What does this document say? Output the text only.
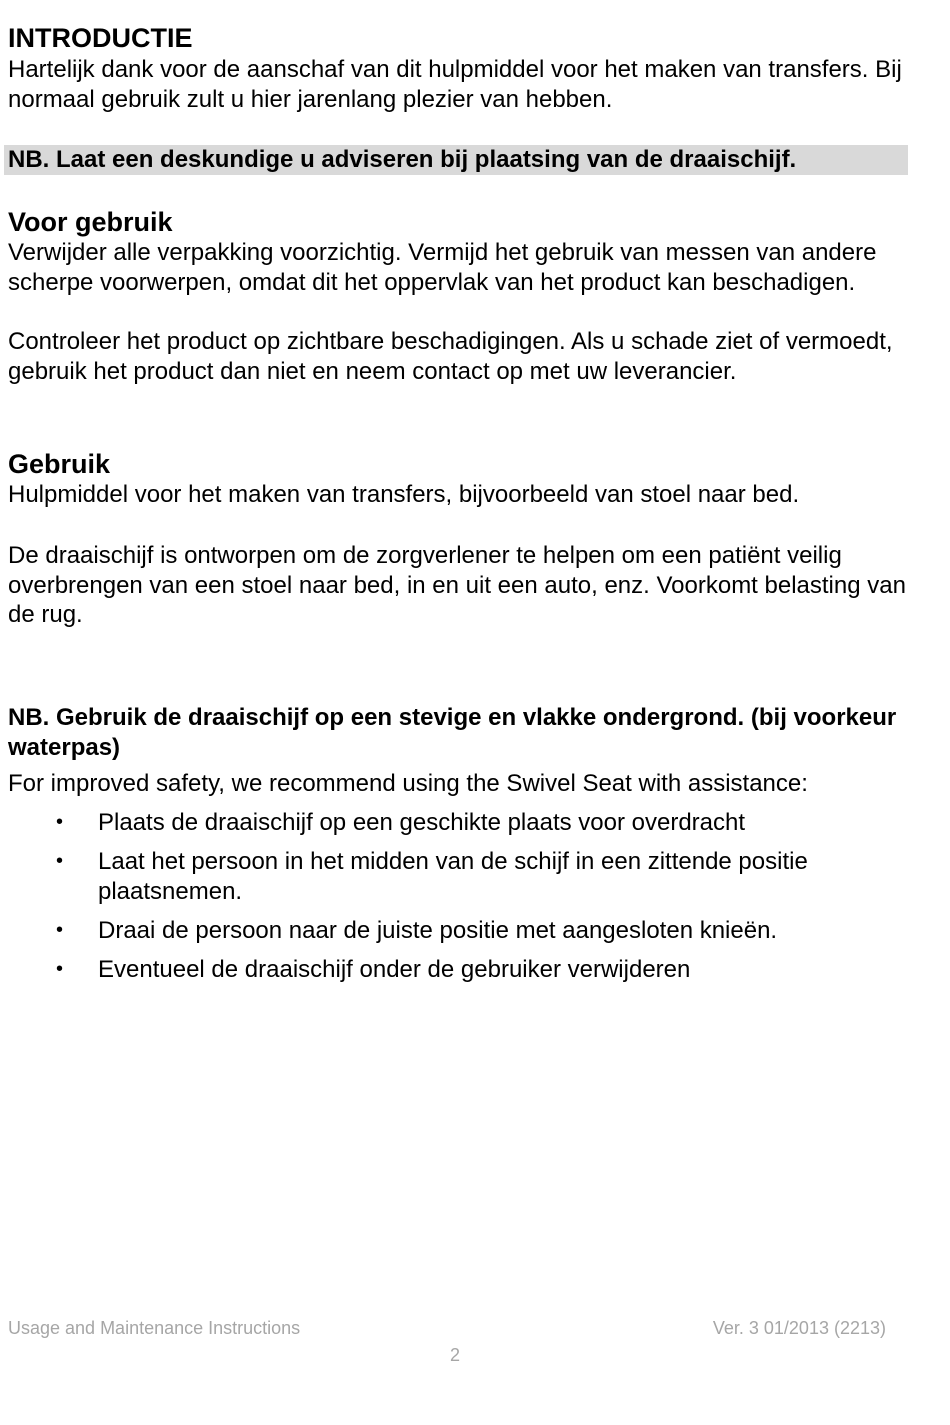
INTRODUCTIE
Hartelijk dank voor de aanschaf van dit hulpmiddel voor het maken van transfers. Bij normaal gebruik zult u hier jarenlang plezier van hebben.
NB. Laat een deskundige u adviseren bij plaatsing van de draaischijf.
Voor gebruik
Verwijder alle verpakking voorzichtig. Vermijd het gebruik van messen van andere scherpe voorwerpen, omdat dit het oppervlak van het product kan beschadigen.
Controleer het product op zichtbare beschadigingen. Als u schade ziet of vermoedt, gebruik het product dan niet en neem contact op met uw leverancier.
Gebruik
Hulpmiddel voor het maken van transfers, bijvoorbeeld van stoel naar bed.
De draaischijf is ontworpen om de zorgverlener te helpen om een patiënt veilig overbrengen van een stoel naar bed, in en uit een auto, enz. Voorkomt belasting van de rug.
NB. Gebruik de draaischijf op een stevige en vlakke ondergrond. (bij voorkeur waterpas)
For improved safety, we recommend using the Swivel Seat with assistance:
• Plaats de draaischijf op een geschikte plaats voor overdracht
• Laat het persoon in het midden van de schijf in een zittende positie plaatsnemen.
• Draai de persoon naar de juiste positie met aangesloten knieën.
• Eventueel de draaischijf onder de gebruiker verwijderen
Usage and Maintenance Instructions	Ver. 3 01/2013 (2213)
2
